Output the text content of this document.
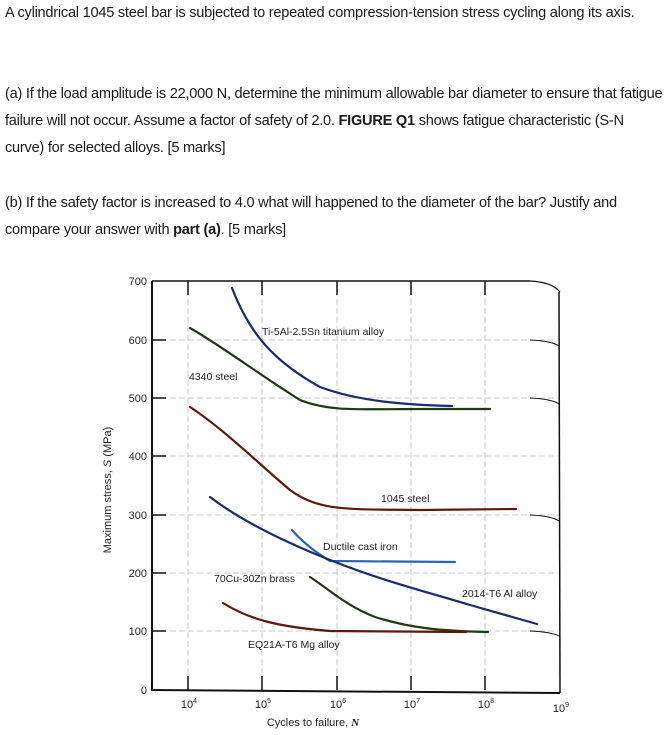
A cylindrical 1045 steel bar is subjected to repeated compression-tension stress cycling along its axis.
(a) If the load amplitude is 22,000 N, determine the minimum allowable bar diameter to ensure that fatigue failure will not occur. Assume a factor of safety of 2.0. FIGURE Q1 shows fatigue characteristic (S-N curve) for selected alloys. [5 marks]
(b) If the safety factor is increased to 4.0 what will happened to the diameter of the bar? Justify and compare your answer with part (a). [5 marks]
700
600
500
400
300
200
100
0
$10^4$	$10^5$	$10^6$	$10^7$	$10^8$
$10^9$
Cycles to failure, N
Maximum stress, S (MPa)
Ti-5Al-2.5Sn titanium alloy
4340 steel
1045 steel
Ductile cast iron
70Cu-30Zn brass
2014-T6 Al alloy
EQ21A-T6 Mg alloy
